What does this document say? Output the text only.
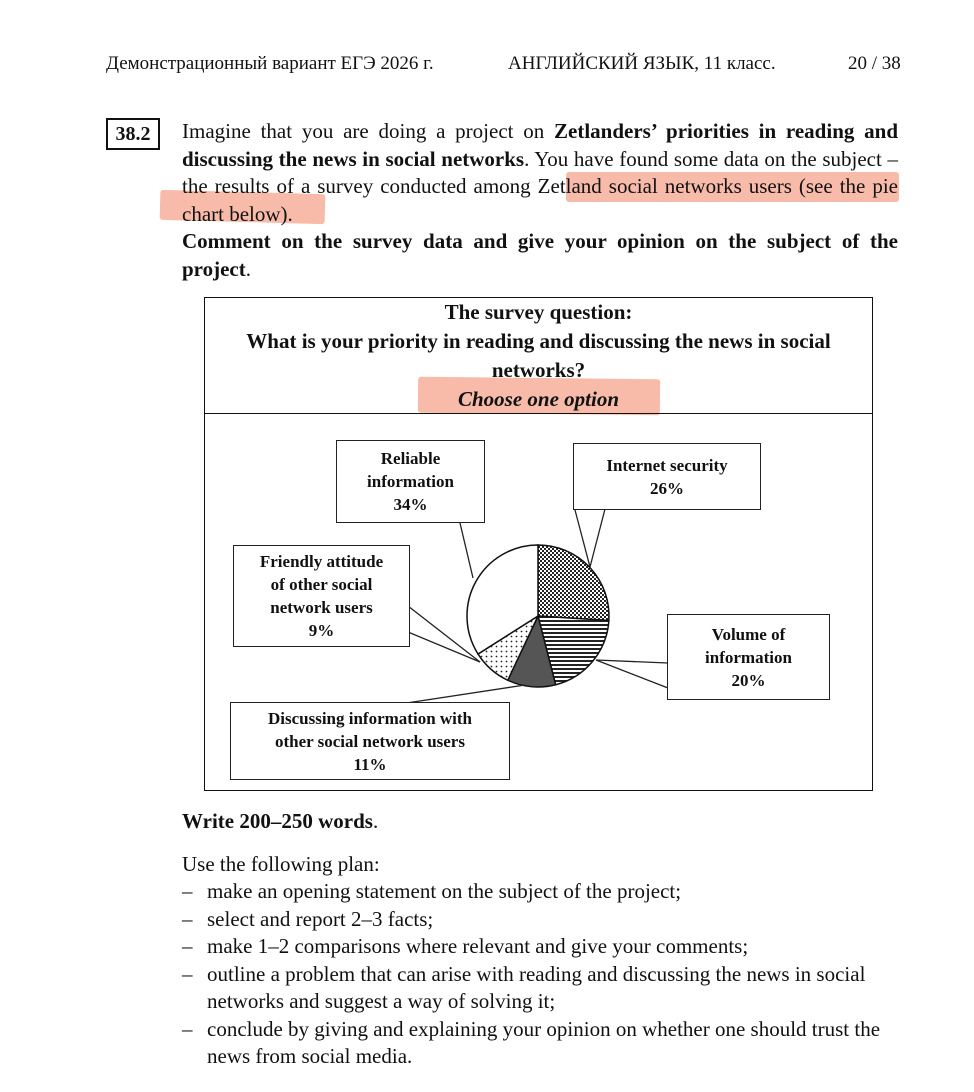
Демонстрационный вариант ЕГЭ 2026 г.	АНГЛИЙСКИЙ ЯЗЫК, 11 класс.	20 / 38
38.2	Imagine that you are doing a project on Zetlanders’ priorities in reading and discussing the news in social networks. You have found some data on the subject – the results of a survey conducted among Zetland social networks users (see the pie chart below).
Comment on the survey data and give your opinion on the subject of the project.
The survey question:
What is your priority in reading and discussing the news in social networks?
Choose one option
Reliable
information
34%
Internet security
26%
Friendly attitude
of other social
network users
9%	Volume of
information
20%
Discussing information with
other social network users
11%
Write 200–250 words.
Use the following plan:
– make an opening statement on the subject of the project;
– select and report 2–3 facts;
– make 1–2 comparisons where relevant and give your comments;
– outline a problem that can arise with reading and discussing the news in social networks and suggest a way of solving it;
– conclude by giving and explaining your opinion on whether one should trust the news from social media.
